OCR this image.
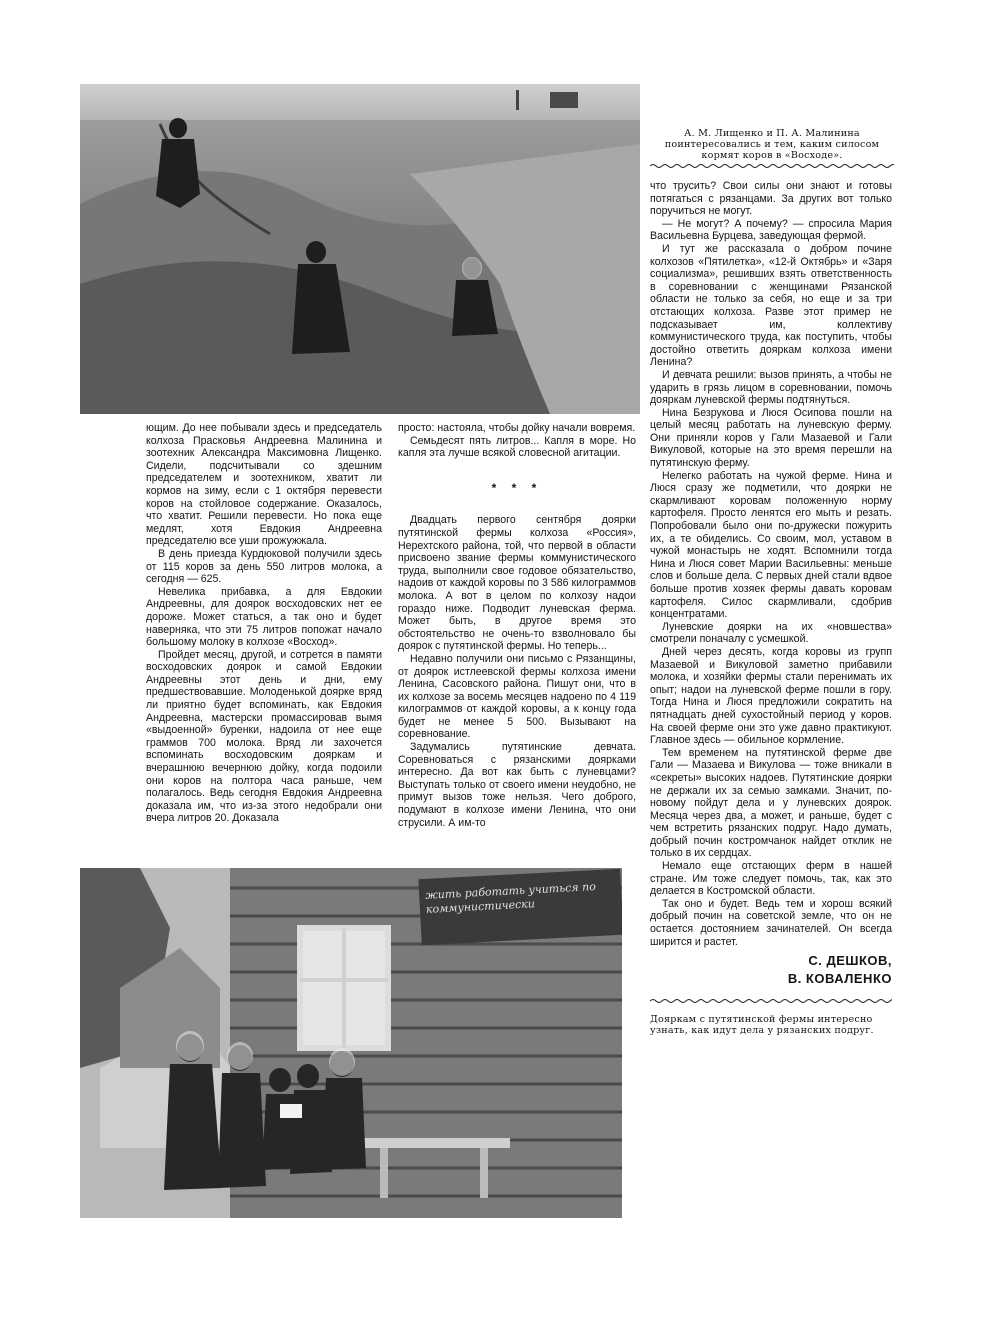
А. М. Лищенко и П. А. Малинина поинтересовались и тем, каким силосом кормят коров в «Восходе».

ющим. До нее побывали здесь и председатель колхоза Прасковья Андреевна Малинина и зоотехник Александра Максимовна Лищенко. Сидели, подсчитывали со здешним председателем и зоотехником, хватит ли кормов на зиму, если с 1 октября перевести коров на стойловое содержание. Оказалось, что хватит. Решили перевести. Но пока еще медлят, хотя Евдокия Андреевна председателю все уши прожужжала.

В день приезда Курдюковой получили здесь от 115 коров за день 550 литров молока, а сегодня — 625.

Невелика прибавка, а для Евдокии Андреевны, для доярок восходовских нет ее дороже. Может статься, а так оно и будет наверняка, что эти 75 литров попожат начало большому молоку в колхозе «Восход».

Пройдет месяц, другой, и сотрется в памяти восходовских доярок и самой Евдокии Андреевны этот день и дни, ему предшествовавшие. Молоденькой доярке вряд ли приятно будет вспоминать, как Евдокия Андреевна, мастерски промассировав вымя «выдоенной» буренки, надоила от нее еще граммов 700 молока. Вряд ли захочется вспоминать восходовским дояркам и вчерашнюю вечернюю дойку, когда подоили они коров на полтора часа раньше, чем полагалось. Ведь сегодня Евдокия Андреевна доказала им, что из-за этого недобрали они вчера литров 20. Доказала

просто: настояла, чтобы дойку начали вовремя.

Семьдесят пять литров... Капля в море. Но капля эта лучше всякой словесной агитации.

* * *

Двадцать первого сентября доярки путятинской фермы колхоза «Россия», Нерехтского района, той, что первой в области присвоено звание фермы коммунистического труда, выполнили свое годовое обязательство, надоив от каждой коровы по 3 586 килограммов молока. А вот в целом по колхозу надои гораздо ниже. Подводит луневская ферма. Может быть, в другое время это обстоятельство не очень-то взволновало бы доярок с путятинской фермы. Но теперь...

Недавно получили они письмо с Рязанщины, от доярок истлеевской фермы колхоза имени Ленина, Сасовского района. Пишут они, что в их колхозе за восемь месяцев надоено по 4 119 килограммов от каждой коровы, а к концу года будет не менее 5 500. Вызывают на соревнование.

Задумались путятинские девчата. Соревноваться с рязанскими доярками интересно. Да вот как быть с луневцами? Выступать только от своего имени неудобно, не примут вызов тоже нельзя. Чего доброго, подумают в колхозе имени Ленина, что они струсили. А им-то

что трусить? Свои силы они знают и готовы потягаться с рязанцами. За других вот только поручиться не могут.

— Не могут? А почему? — спросила Мария Васильевна Бурцева, заведующая фермой.

И тут же рассказала о добром почине колхозов «Пятилетка», «12-й Октябрь» и «Заря социализма», решивших взять ответственность в соревновании с женщинами Рязанской области не только за себя, но еще и за три отстающих колхоза. Разве этот пример не подсказывает им, коллективу коммунистического труда, как поступить, чтобы достойно ответить дояркам колхоза имени Ленина?

И девчата решили: вызов принять, а чтобы не ударить в грязь лицом в соревновании, помочь дояркам луневской фермы подтянуться.

Нина Безрукова и Люся Осипова пошли на целый месяц работать на луневскую ферму. Они приняли коров у Гали Мазаевой и Гали Викуловой, которые на это время перешли на путятинскую ферму.

Нелегко работать на чужой ферме. Нина и Люся сразу же подметили, что доярки не скармливают коровам положенную норму картофеля. Просто ленятся его мыть и резать. Попробовали было они по-дружески пожурить их, а те обиделись. Со своим, мол, уставом в чужой монастырь не ходят. Вспомнили тогда Нина и Люся совет Марии Васильевны: меньше слов и больше дела. С первых дней стали вдвое больше против хозяек фермы давать коровам картофеля. Силос скармливали, сдобрив концентратами.

Луневские доярки на их «новшества» смотрели поначалу с усмешкой.

Дней через десять, когда коровы из групп Мазаевой и Викуловой заметно прибавили молока, и хозяйки фермы стали перенимать их опыт; надои на луневской ферме пошли в гору. Тогда Нина и Люся предложили сократить на пятнадцать дней сухостойный период у коров. На своей ферме они это уже давно практикуют. Главное здесь — обильное кормление.

Тем временем на путятинской ферме две Гали — Мазаева и Викулова — тоже вникали в «секреты» высоких надоев. Путятинские доярки не держали их за семью замками. Значит, по-новому пойдут дела и у луневских доярок. Месяца через два, а может, и раньше, будет с чем встретить рязанских подруг. Надо думать, добрый почин костромчанок найдет отклик не только в их сердцах.

Немало еще отстающих ферм в нашей стране. Им тоже следует помочь, так, как это делается в Костромской области.

Так оно и будет. Ведь тем и хорош всякий добрый почин на советской земле, что он не остается достоянием зачинателей. Он всегда ширится и растет.

С. ДЕШКОВ,
В. КОВАЛЕНКО
Дояркам с путятинской фермы интересно узнать, как идут дела у рязанских подруг.
жить работать учиться по коммунистически
